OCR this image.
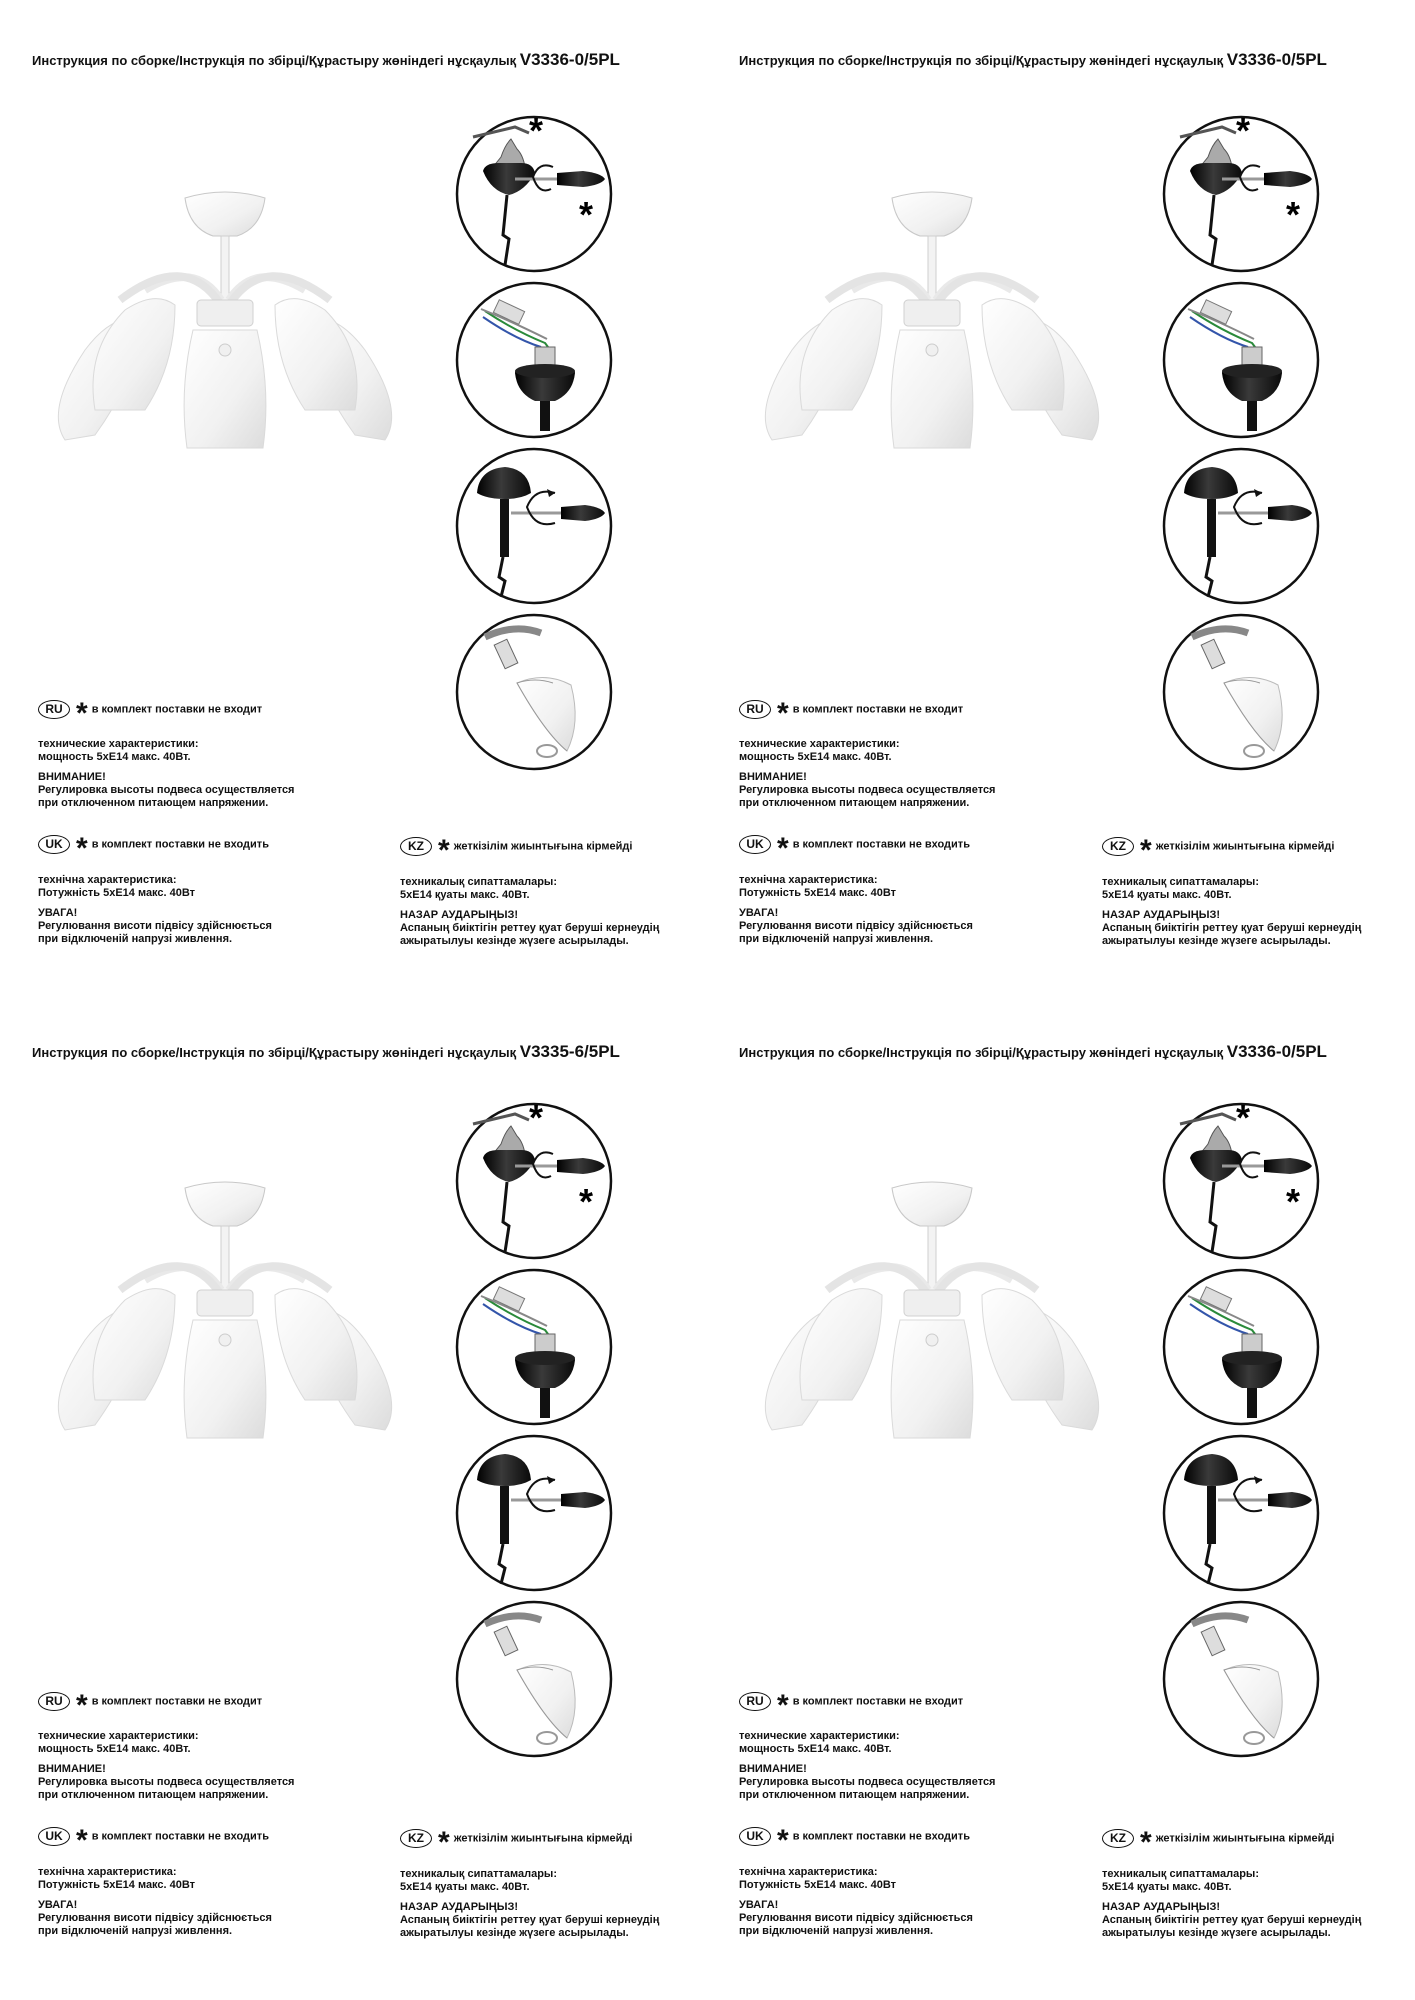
Инструкция по сборке/Інструкція по збірці/Құрастыру жөніндегі нұсқаулық V3336-0/5PL
RU * в комплект поставки не входит
технические характеристики:
мощность 5хЕ14 макс. 40Вт.
ВНИМАНИЕ!
Регулировка высоты подвеса осуществляется
при отключенном питающем напряжении.
UK * в комплект поставки не входить
технічна характеристика:
Потужність 5хЕ14 макс. 40Вт
УВАГА!
Регулювання висоти підвісу здійснюється
при відключеній напрузі живлення.
KZ * жеткізілім жиынтығына кірмейді
техникалық сипаттамалары:
5хЕ14 қуаты макс. 40Вт.
НАЗАР АУДАРЫҢЫЗ!
Аспаның биіктігін реттеу қуат беруші кернеудің
ажыратылуы кезінде жүзеге асырылады.
Инструкция по сборке/Інструкція по збірці/Құрастыру жөніндегі нұсқаулық V3336-0/5PL
RU * в комплект поставки не входит
технические характеристики:
мощность 5хЕ14 макс. 40Вт.
ВНИМАНИЕ!
Регулировка высоты подвеса осуществляется
при отключенном питающем напряжении.
UK * в комплект поставки не входить
технічна характеристика:
Потужність 5хЕ14 макс. 40Вт
УВАГА!
Регулювання висоти підвісу здійснюється
при відключеній напрузі живлення.
KZ * жеткізілім жиынтығына кірмейді
техникалық сипаттамалары:
5хЕ14 қуаты макс. 40Вт.
НАЗАР АУДАРЫҢЫЗ!
Аспаның биіктігін реттеу қуат беруші кернеудің
ажыратылуы кезінде жүзеге асырылады.
Инструкция по сборке/Інструкція по збірці/Құрастыру жөніндегі нұсқаулық V3335-6/5PL
RU * в комплект поставки не входит
технические характеристики:
мощность 5хЕ14 макс. 40Вт.
ВНИМАНИЕ!
Регулировка высоты подвеса осуществляется
при отключенном питающем напряжении.
UK * в комплект поставки не входить
технічна характеристика:
Потужність 5хЕ14 макс. 40Вт
УВАГА!
Регулювання висоти підвісу здійснюється
при відключеній напрузі живлення.
KZ * жеткізілім жиынтығына кірмейді
техникалық сипаттамалары:
5хЕ14 қуаты макс. 40Вт.
НАЗАР АУДАРЫҢЫЗ!
Аспаның биіктігін реттеу қуат беруші кернеудің
ажыратылуы кезінде жүзеге асырылады.
Инструкция по сборке/Інструкція по збірці/Құрастыру жөніндегі нұсқаулық V3336-0/5PL
RU * в комплект поставки не входит
технические характеристики:
мощность 5хЕ14 макс. 40Вт.
ВНИМАНИЕ!
Регулировка высоты подвеса осуществляется
при отключенном питающем напряжении.
UK * в комплект поставки не входить
технічна характеристика:
Потужність 5хЕ14 макс. 40Вт
УВАГА!
Регулювання висоти підвісу здійснюється
при відключеній напрузі живлення.
KZ * жеткізілім жиынтығына кірмейді
техникалық сипаттамалары:
5хЕ14 қуаты макс. 40Вт.
НАЗАР АУДАРЫҢЫЗ!
Аспаның биіктігін реттеу қуат беруші кернеудің
ажыратылуы кезінде жүзеге асырылады.
